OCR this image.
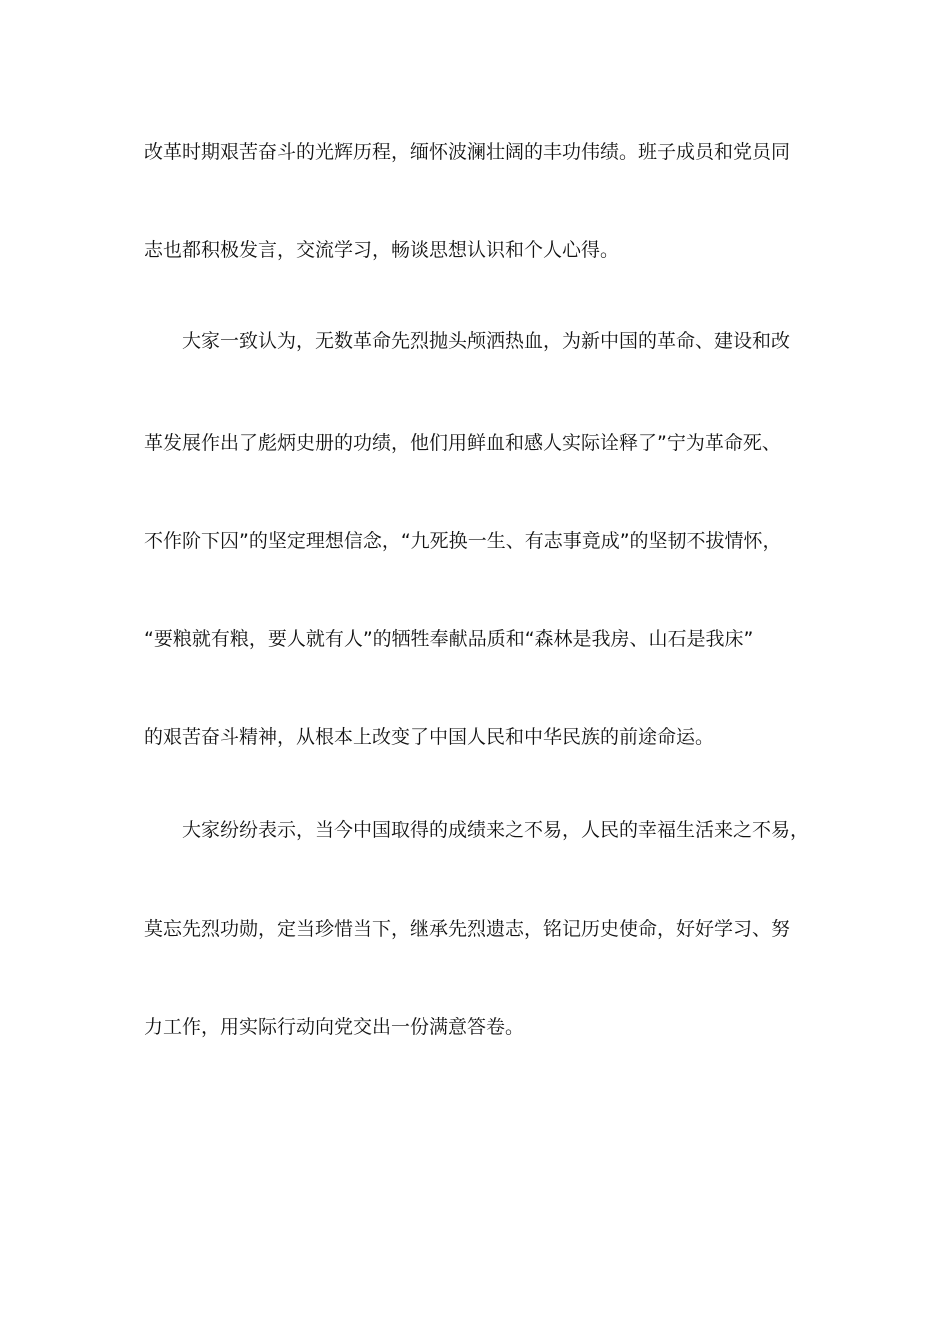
改革时期艰苦奋斗的光辉历程，缅怀波澜壮阔的丰功伟绩。班子成员和党员同
志也都积极发言，交流学习，畅谈思想认识和个人心得。
大家一致认为，无数革命先烈抛头颅洒热血，为新中国的革命、建设和改
革发展作出了彪炳史册的功绩，他们用鲜血和感人实际诠释了”宁为革命死、
不作阶下囚”的坚定理想信念，“九死换一生、有志事竟成”的坚韧不拔情怀，
“要粮就有粮，要人就有人”的牺牲奉献品质和“森林是我房、山石是我床”
的艰苦奋斗精神，从根本上改变了中国人民和中华民族的前途命运。
大家纷纷表示，当今中国取得的成绩来之不易，人民的幸福生活来之不易，
莫忘先烈功勋，定当珍惜当下，继承先烈遗志，铭记历史使命，好好学习、努
力工作，用实际行动向党交出一份满意答卷。
